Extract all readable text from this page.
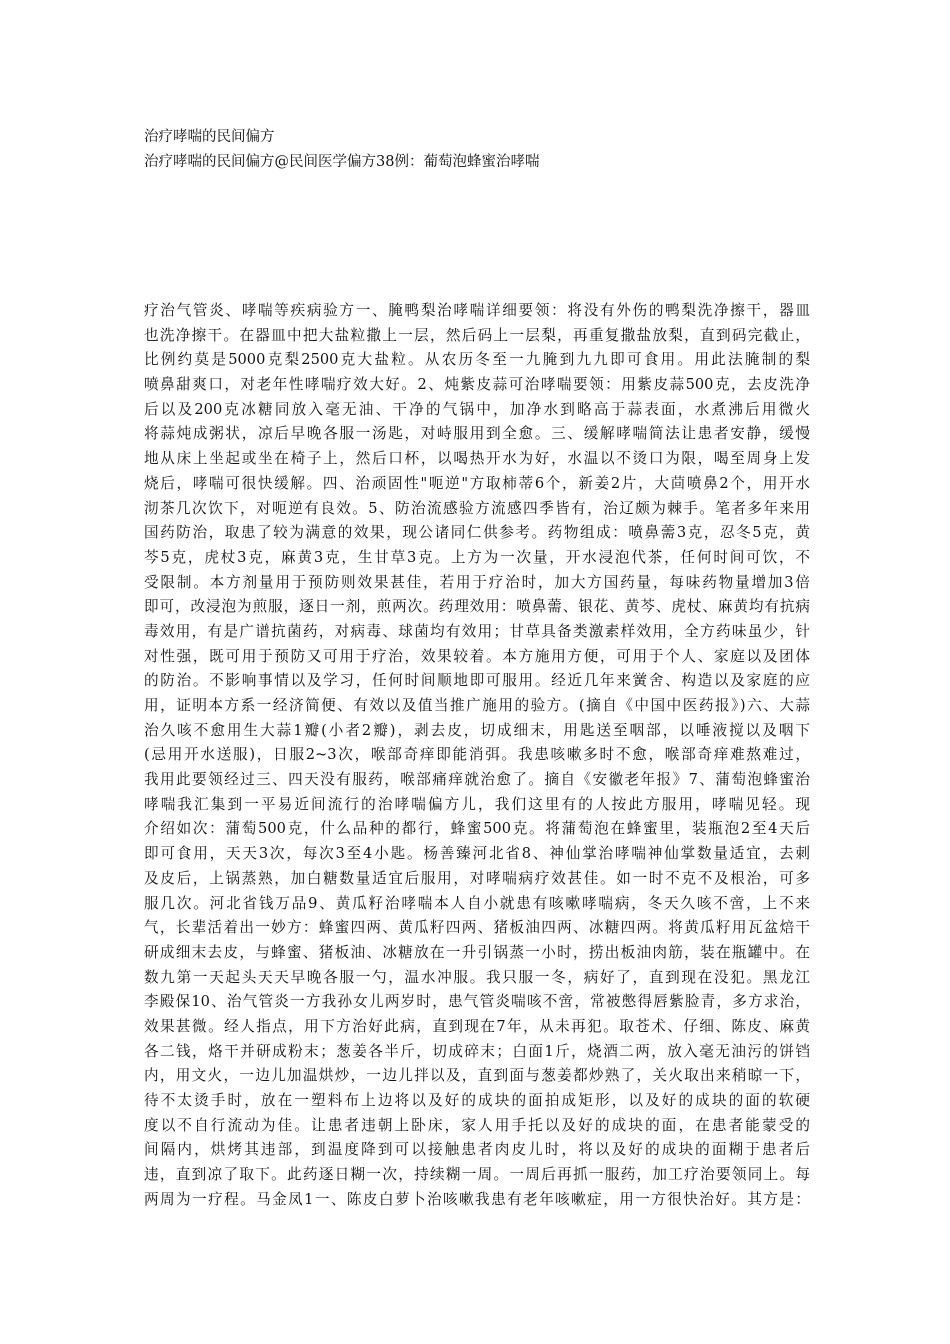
治疗哮喘的民间偏方
治疗哮喘的民间偏方@民间医学偏方38例：葡萄泡蜂蜜治哮喘
疗治气管炎、哮喘等疾病验方一、腌鸭梨治哮喘详细要领：将没有外伤的鸭梨洗净擦干，器皿
也洗净擦干。在器皿中把大盐粒撒上一层，然后码上一层梨，再重复撒盐放梨，直到码完截止，
比例约莫是5000克梨2500克大盐粒。从农历冬至一九腌到九九即可食用。用此法腌制的梨
喷鼻甜爽口，对老年性哮喘疗效大好。2、炖紫皮蒜可治哮喘要领：用紫皮蒜500克，去皮洗净
后以及200克冰糖同放入毫无油、干净的气锅中，加净水到略高于蒜表面，水煮沸后用微火
将蒜炖成粥状，凉后早晚各服一汤匙，对峙服用到全愈。三、缓解哮喘简法让患者安静，缓慢
地从床上坐起或坐在椅子上，然后口杯，以喝热开水为好，水温以不烫口为限，喝至周身上发
烧后，哮喘可很快缓解。四、治顽固性"呃逆"方取柿蒂6个，新姜2片，大茴喷鼻2个，用开水
沏茶几次饮下，对呃逆有良效。5、防治流感验方流感四季皆有，治辽颇为棘手。笔者多年来用
国药防治，取患了较为满意的效果，现公诸同仁供参考。药物组成：喷鼻薷3克，忍冬5克，黄
芩5克，虎杖3克，麻黄3克，生甘草3克。上方为一次量，开水浸泡代茶，任何时间可饮，不
受限制。本方剂量用于预防则效果甚佳，若用于疗治时，加大方国药量，每味药物量增加3倍
即可，改浸泡为煎服，逐日一剂，煎两次。药理效用：喷鼻薷、银花、黄芩、虎杖、麻黄均有抗病
毒效用，有是广谱抗菌药，对病毒、球菌均有效用；甘草具备类激素样效用，全方药味虽少，针
对性强，既可用于预防又可用于疗治，效果较着。本方施用方便，可用于个人、家庭以及团体
的防治。不影响事情以及学习，任何时间顺地即可服用。经近几年来黉舍、构造以及家庭的应
用，证明本方系一经济简便、有效以及值当推广施用的验方。(摘自《中国中医药报》)六、大蒜
治久咳不愈用生大蒜1瓣(小者2瓣)，剥去皮，切成细末，用匙送至咽部，以唾液搅以及咽下
(忌用开水送服)，日服2~3次，喉部奇痒即能消弭。我患咳嗽多时不愈，喉部奇痒难熬难过，
我用此要领经过三、四天没有服药，喉部痛痒就治愈了。摘自《安徽老年报》7、蒲萄泡蜂蜜治
哮喘我汇集到一平易近间流行的治哮喘偏方儿，我们这里有的人按此方服用，哮喘见轻。现
介绍如次：蒲萄500克，什么品种的都行，蜂蜜500克。将蒲萄泡在蜂蜜里，装瓶泡2至4天后
即可食用，天天3次，每次3至4小匙。杨善臻河北省8、神仙掌治哮喘神仙掌数量适宜，去刺
及皮后，上锅蒸熟，加白糖数量适宜后服用，对哮喘病疗效甚佳。如一时不克不及根治，可多
服几次。河北省钱万品9、黄瓜籽治哮喘本人自小就患有咳嗽哮喘病，冬天久咳不啻，上不来
气，长辈活着出一妙方：蜂蜜四两、黄瓜籽四两、猪板油四两、冰糖四两。将黄瓜籽用瓦盆焙干
研成细末去皮，与蜂蜜、猪板油、冰糖放在一升引锅蒸一小时，捞出板油肉筋，装在瓶罐中。在
数九第一天起头天天早晚各服一勺，温水冲服。我只服一冬，病好了，直到现在没犯。黑龙江
李殿保10、治气管炎一方我孙女儿两岁时，患气管炎喘咳不啻，常被憋得唇紫脸青，多方求治，
效果甚微。经人指点，用下方治好此病，直到现在7年，从未再犯。取苍术、仔细、陈皮、麻黄
各二钱，烙干并研成粉末；葱姜各半斤，切成碎末；白面1斤，烧酒二两，放入毫无油污的饼铛
内，用文火，一边儿加温烘炒，一边儿拌以及，直到面与葱姜都炒熟了，关火取出来稍晾一下，
待不太烫手时，放在一塑料布上边将以及好的成块的面拍成矩形，以及好的成块的面的软硬
度以不自行流动为佳。让患者违朝上卧床，家人用手托以及好的成块的面，在患者能蒙受的
间隔内，烘烤其违部，到温度降到可以接触患者肉皮儿时，将以及好的成块的面糊于患者后
违，直到凉了取下。此药逐日糊一次，持续糊一周。一周后再抓一服药，加工疗治要领同上。每
两周为一疗程。马金凤1一、陈皮白萝卜治咳嗽我患有老年咳嗽症，用一方很快治好。其方是：
